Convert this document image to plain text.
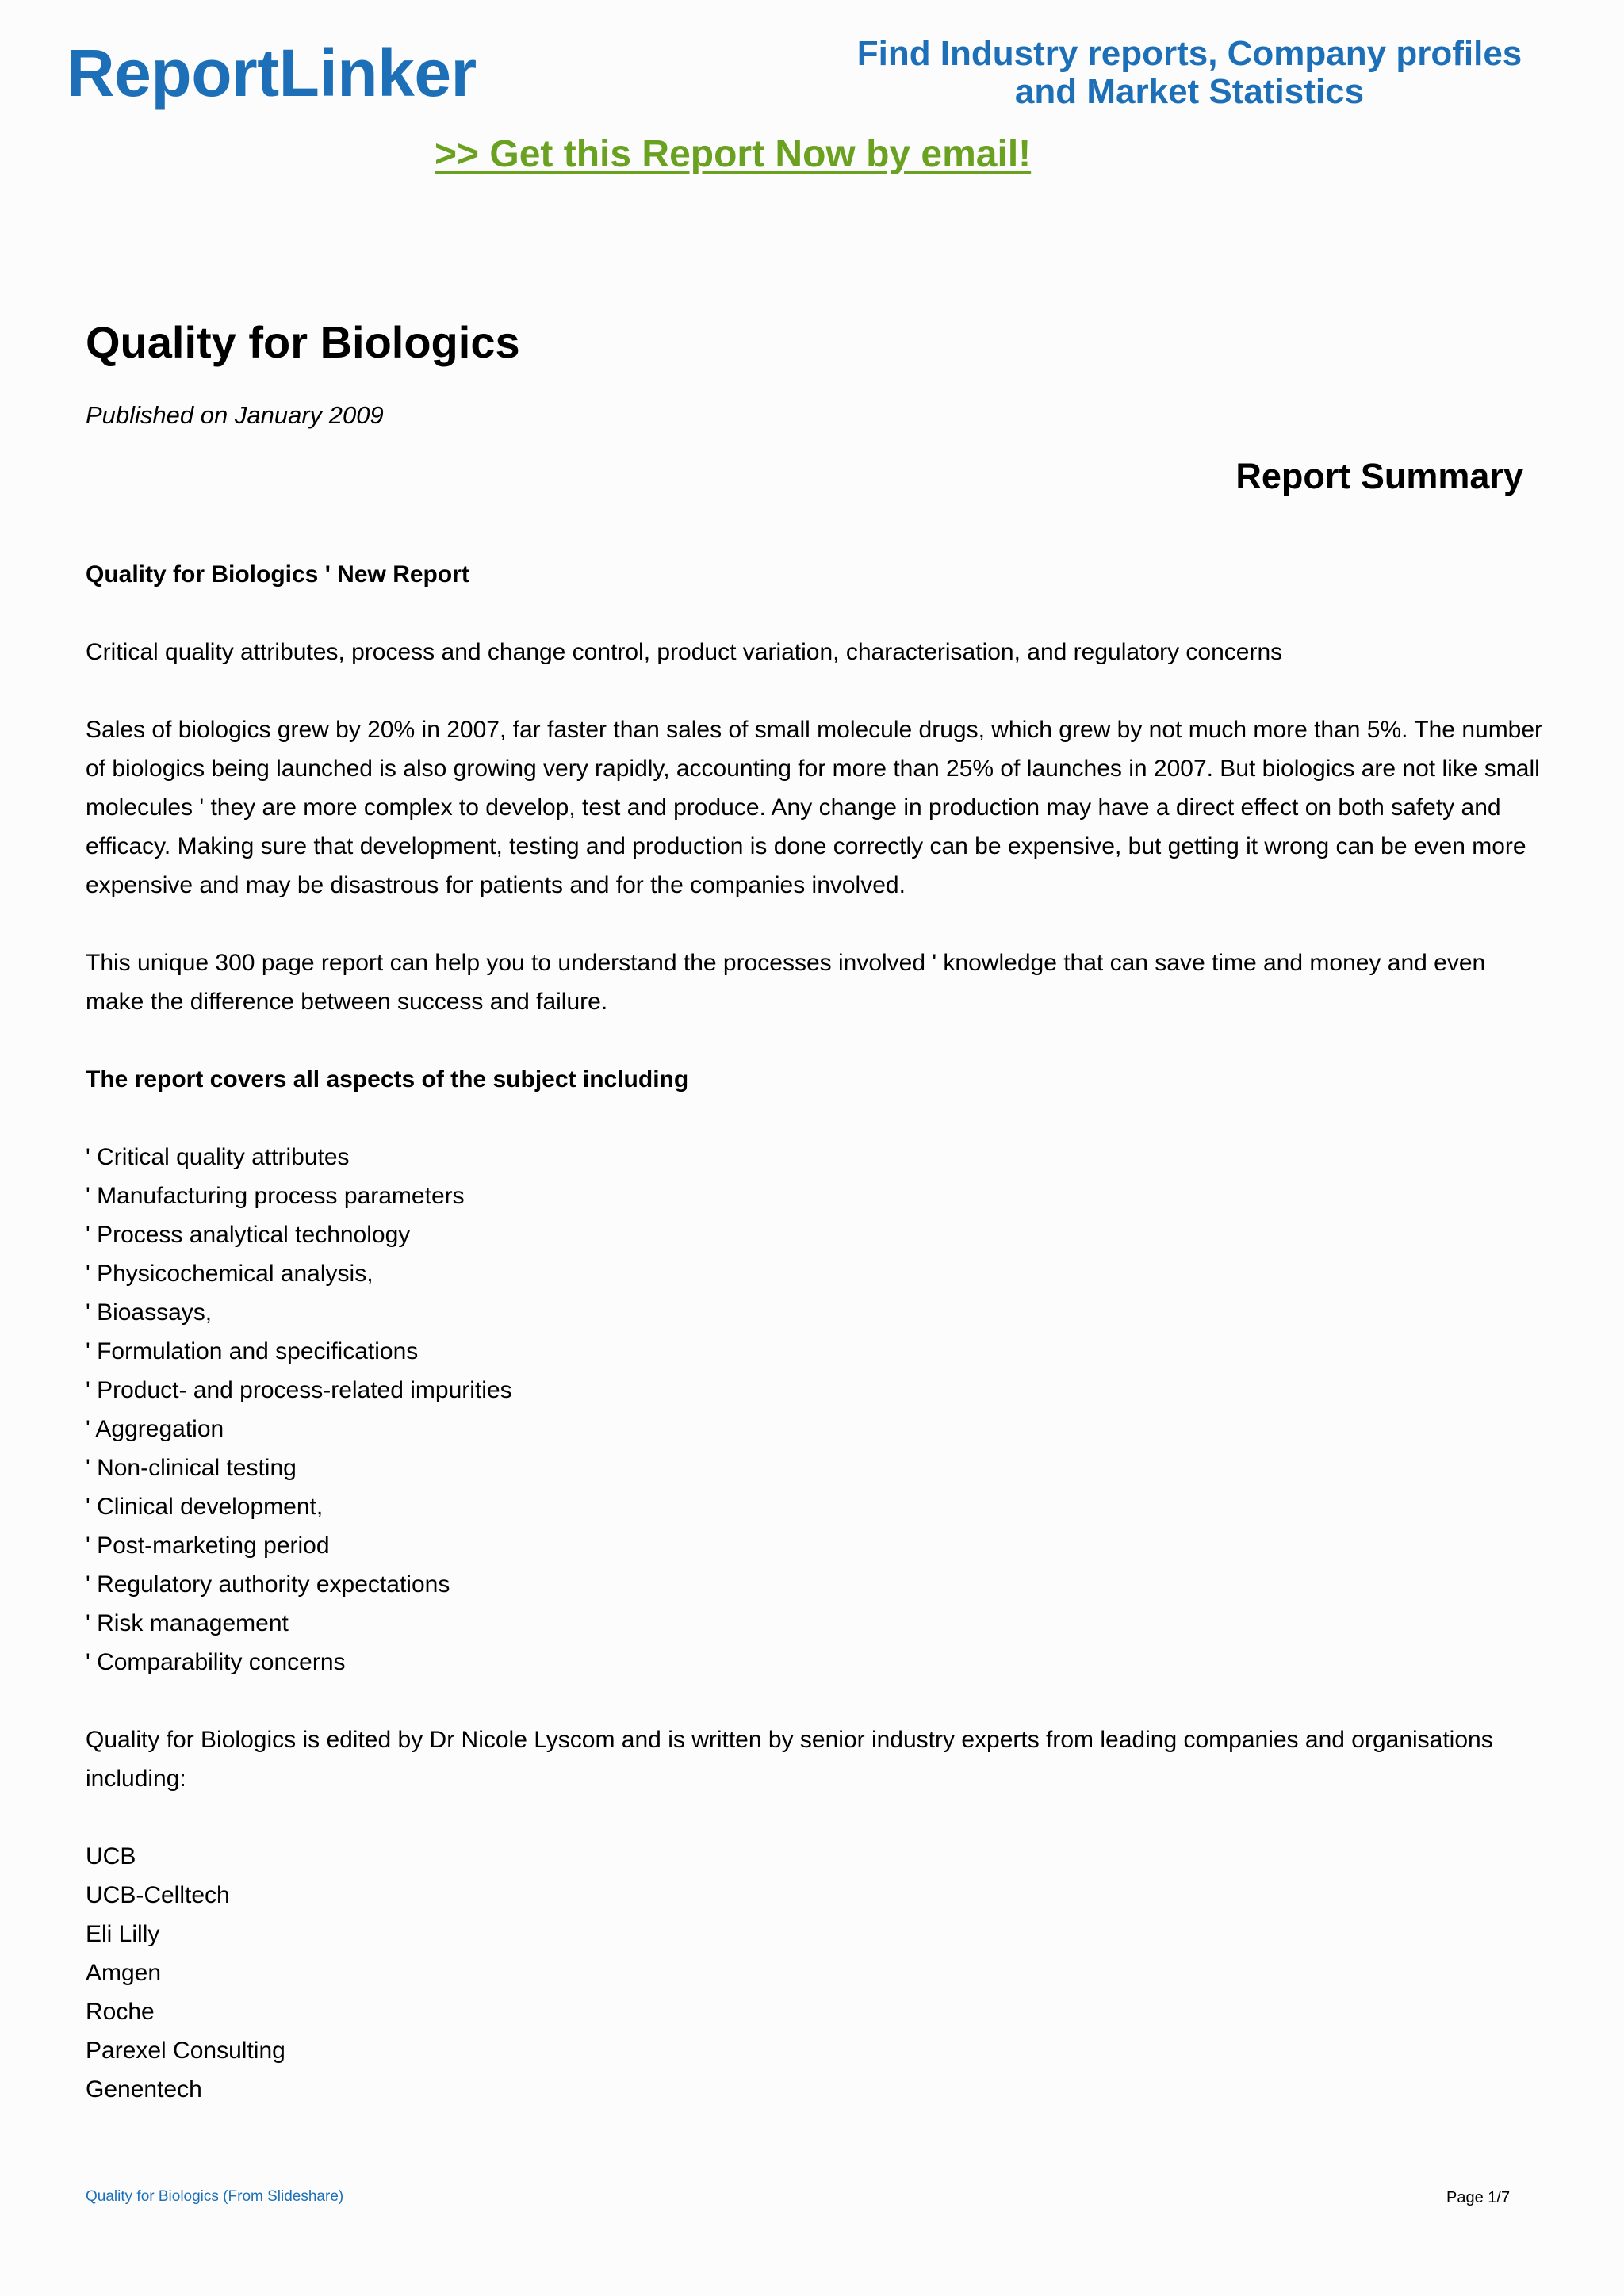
ReportLinker	Find Industry reports, Company profiles
and Market Statistics
>> Get this Report Now by email!
Quality for Biologics
Published on January 2009
Report Summary

Quality for Biologics ' New Report

Critical quality attributes, process and change control, product variation, characterisation, and regulatory concerns

Sales of biologics grew by 20% in 2007, far faster than sales of small molecule drugs, which grew by not much more than 5%. The number of biologics being launched is also growing very rapidly, accounting for more than 25% of launches in 2007. But biologics are not like small molecules ' they are more complex to develop, test and produce. Any change in production may have a direct effect on both safety and efficacy. Making sure that development, testing and production is done correctly can be expensive, but getting it wrong can be even more expensive and may be disastrous for patients and for the companies involved.

This unique 300 page report can help you to understand the processes involved ' knowledge that can save time and money and even make the difference between success and failure.

The report covers all aspects of the subject including

' Critical quality attributes
' Manufacturing process parameters
' Process analytical technology
' Physicochemical analysis,
' Bioassays,
' Formulation and specifications
' Product- and process-related impurities
' Aggregation
' Non-clinical testing
' Clinical development,
' Post-marketing period
' Regulatory authority expectations
' Risk management
' Comparability concerns

Quality for Biologics is edited by Dr Nicole Lyscom and is written by senior industry experts from leading companies and organisations including:

UCB
UCB-Celltech
Eli Lilly
Amgen
Roche
Parexel Consulting
Genentech
Quality for Biologics (From Slideshare)	Page 1/7
